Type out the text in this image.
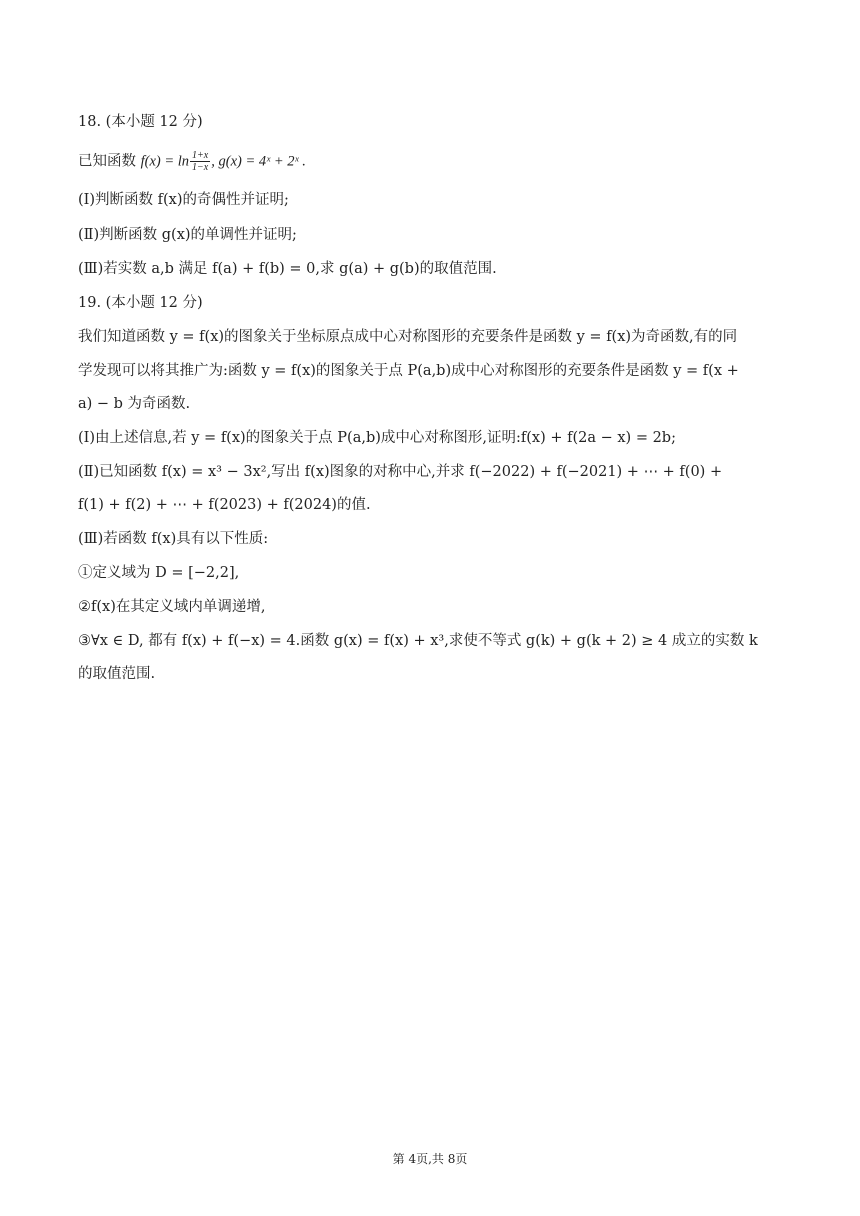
18. (本小题 12 分)
已知函数 $f(x) = \ln \frac{1+x}{1-x}$ , g(x) = 4ˣ + 2ˣ .
(Ⅰ)判断函数 f(x)的奇偶性并证明;
(Ⅱ)判断函数 g(x)的单调性并证明;
(Ⅲ)若实数 a,b 满足 f(a) + f(b) = 0,求 g(a) + g(b)的取值范围.
19. (本小题 12 分)
我们知道函数 y = f(x)的图象关于坐标原点成中心对称图形的充要条件是函数 y = f(x)为奇函数,有的同
学发现可以将其推广为:函数 y = f(x)的图象关于点 P(a,b)成中心对称图形的充要条件是函数 y = f(x +
a) − b 为奇函数.
(Ⅰ)由上述信息,若 y = f(x)的图象关于点 P(a,b)成中心对称图形,证明:f(x) + f(2a − x) = 2b;
(Ⅱ)已知函数 f(x) = x³ − 3x²,写出 f(x)图象的对称中心,并求 f(−2022) + f(−2021) + ⋯ + f(0) +
f(1) + f(2) + ⋯ + f(2023) + f(2024)的值.
(Ⅲ)若函数 f(x)具有以下性质:
①定义域为 D = [−2,2],
②f(x)在其定义域内单调递增,
③∀x ∈ D, 都有 f(x) + f(−x) = 4.函数 g(x) = f(x) + x³,求使不等式 g(k) + g(k + 2) ≥ 4 成立的实数 k
的取值范围.
第 4页,共 8页
